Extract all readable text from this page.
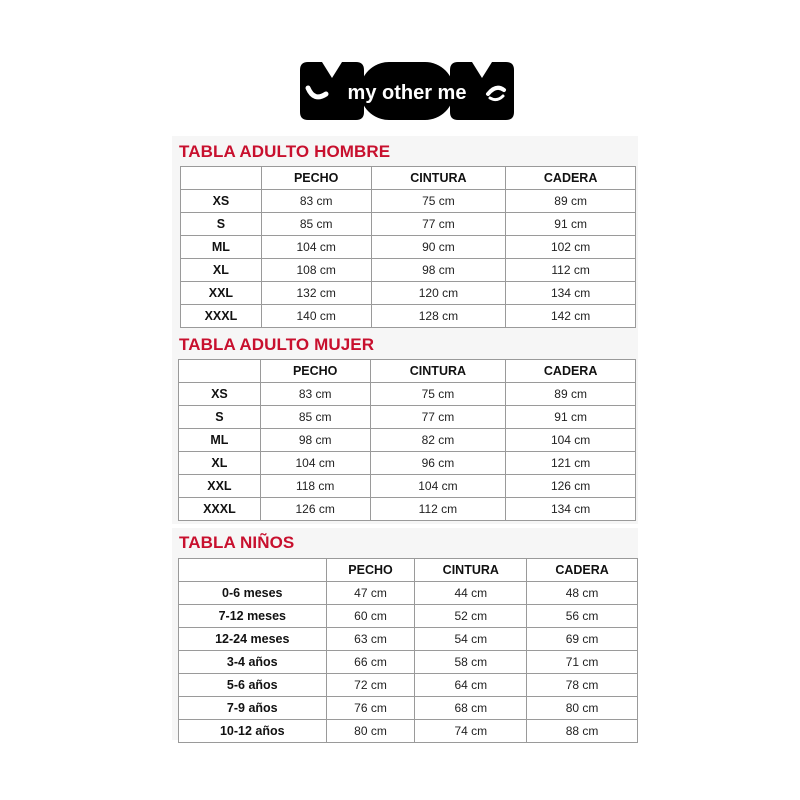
my other me
TABLA ADULTO HOMBRE
	PECHO	CINTURA	CADERA
XS	83 cm	75 cm	89 cm
S	85 cm	77 cm	91 cm
ML	104 cm	90 cm	102 cm
XL	108 cm	98 cm	112 cm
XXL	132 cm	120 cm	134 cm
XXXL	140 cm	128 cm	142 cm
TABLA ADULTO MUJER
	PECHO	CINTURA	CADERA
XS	83 cm	75 cm	89 cm
S	85 cm	77 cm	91 cm
ML	98 cm	82 cm	104 cm
XL	104 cm	96 cm	121 cm
XXL	118 cm	104 cm	126 cm
XXXL	126 cm	112 cm	134 cm
TABLA NIÑOS
	PECHO	CINTURA	CADERA
0-6 meses	47 cm	44 cm	48 cm
7-12 meses	60 cm	52 cm	56 cm
12-24 meses	63 cm	54 cm	69 cm
3-4 años	66 cm	58 cm	71 cm
5-6 años	72 cm	64 cm	78 cm
7-9 años	76 cm	68 cm	80 cm
10-12 años	80 cm	74 cm	88 cm
